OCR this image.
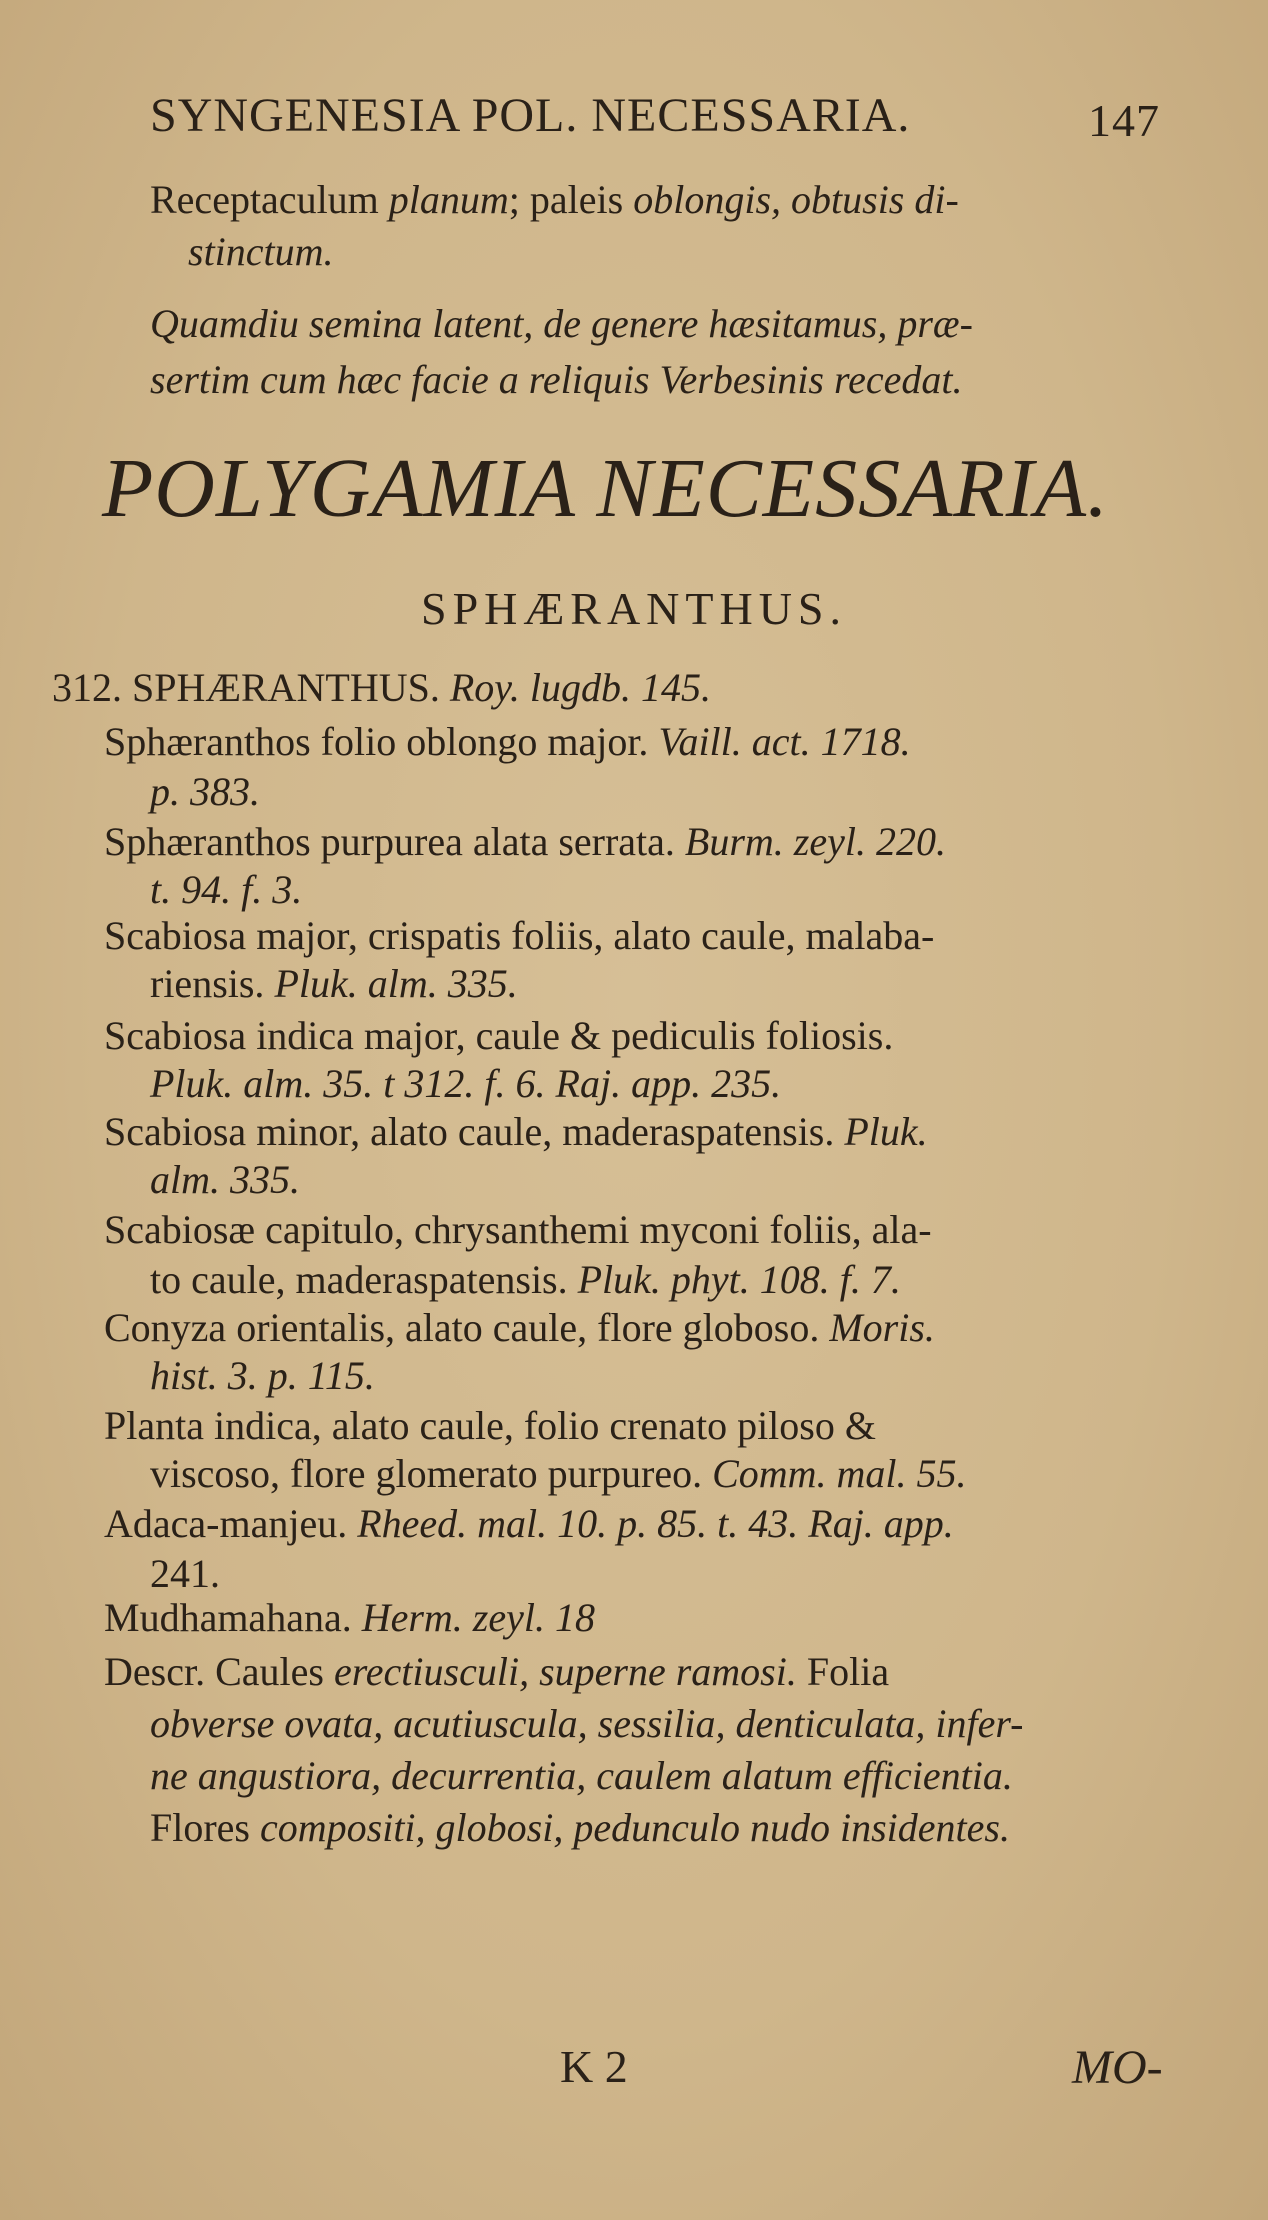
SYNGENESIA POL. NECESSARIA.	147
Receptaculum planum; paleis oblongis, obtusis di-
stinctum.
Quamdiu semina latent, de genere hæsitamus, præ-
sertim cum hæc facie a reliquis Verbesinis recedat.
POLYGAMIA NECESSARIA.
SPHÆRANTHUS.
312. SPHÆRANTHUS. Roy. lugdb. 145.
Sphæranthos folio oblongo major. Vaill. act. 1718.
p. 383.
Sphæranthos purpurea alata serrata. Burm. zeyl. 220.
t. 94. f. 3.
Scabiosa major, crispatis foliis, alato caule, malaba-
riensis. Pluk. alm. 335.
Scabiosa indica major, caule & pediculis foliosis.
Pluk. alm. 35. t 312. f. 6. Raj. app. 235.
Scabiosa minor, alato caule, maderaspatensis. Pluk.
alm. 335.
Scabiosæ capitulo, chrysanthemi myconi foliis, ala-
to caule, maderaspatensis. Pluk. phyt. 108. f. 7.
Conyza orientalis, alato caule, flore globoso. Moris.
hist. 3. p. 115.
Planta indica, alato caule, folio crenato piloso &
viscoso, flore glomerato purpureo. Comm. mal. 55.
Adaca-manjeu. Rheed. mal. 10. p. 85. t. 43. Raj. app.
241.
Mudhamahana. Herm. zeyl. 18
Descr. Caules erectiusculi, superne ramosi. Folia
obverse ovata, acutiuscula, sessilia, denticulata, infer-
ne angustiora, decurrentia, caulem alatum efficientia.
Flores compositi, globosi, pedunculo nudo insidentes.
K 2	MO-
